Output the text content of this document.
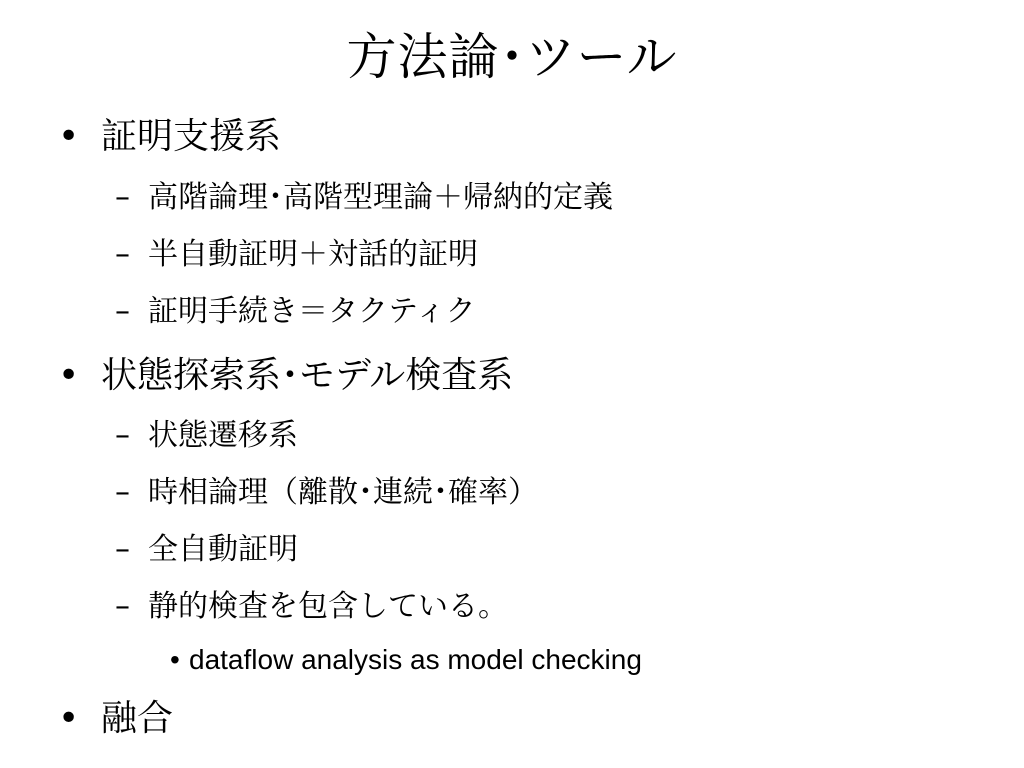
方法論･ツール
• 証明支援系
– 高階論理･高階型理論＋帰納的定義
– 半自動証明＋対話的証明
– 証明手続き＝タクティク
• 状態探索系･モデル検査系
– 状態遷移系
– 時相論理（離散･連続･確率）
– 全自動証明
– 静的検査を包含している。
• dataflow analysis as model checking
• 融合
